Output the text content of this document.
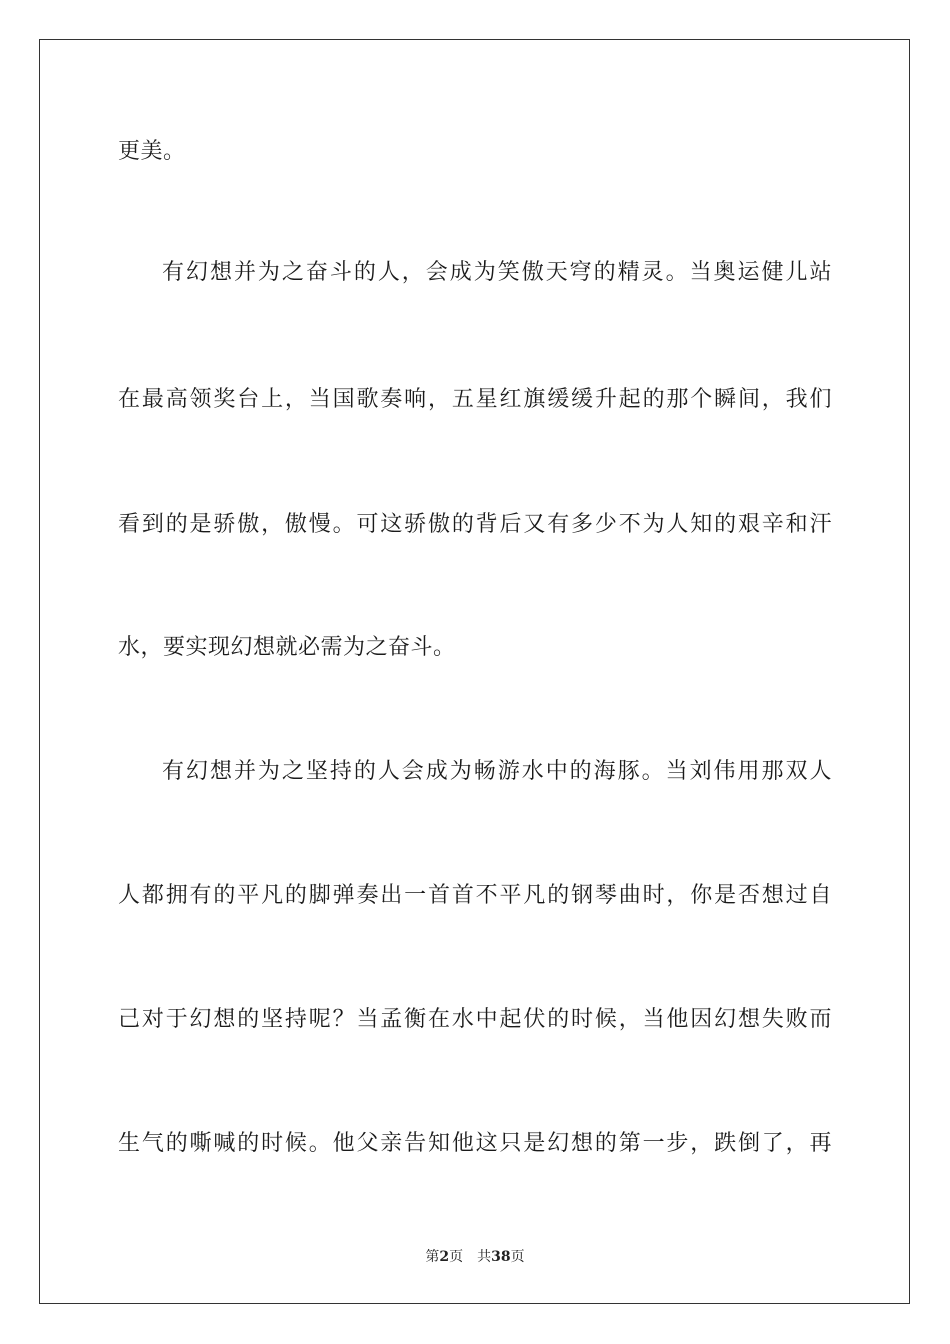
更美。
有幻想并为之奋斗的人，会成为笑傲天穹的精灵。当奥运健儿站
在最高领奖台上，当国歌奏响，五星红旗缓缓升起的那个瞬间，我们
看到的是骄傲，傲慢。可这骄傲的背后又有多少不为人知的艰辛和汗
水，要实现幻想就必需为之奋斗。
有幻想并为之坚持的人会成为畅游水中的海豚。当刘伟用那双人
人都拥有的平凡的脚弹奏出一首首不平凡的钢琴曲时，你是否想过自
己对于幻想的坚持呢？当孟衡在水中起伏的时候，当他因幻想失败而
生气的嘶喊的时候。他父亲告知他这只是幻想的第一步，跌倒了，再
第2页 共38页
